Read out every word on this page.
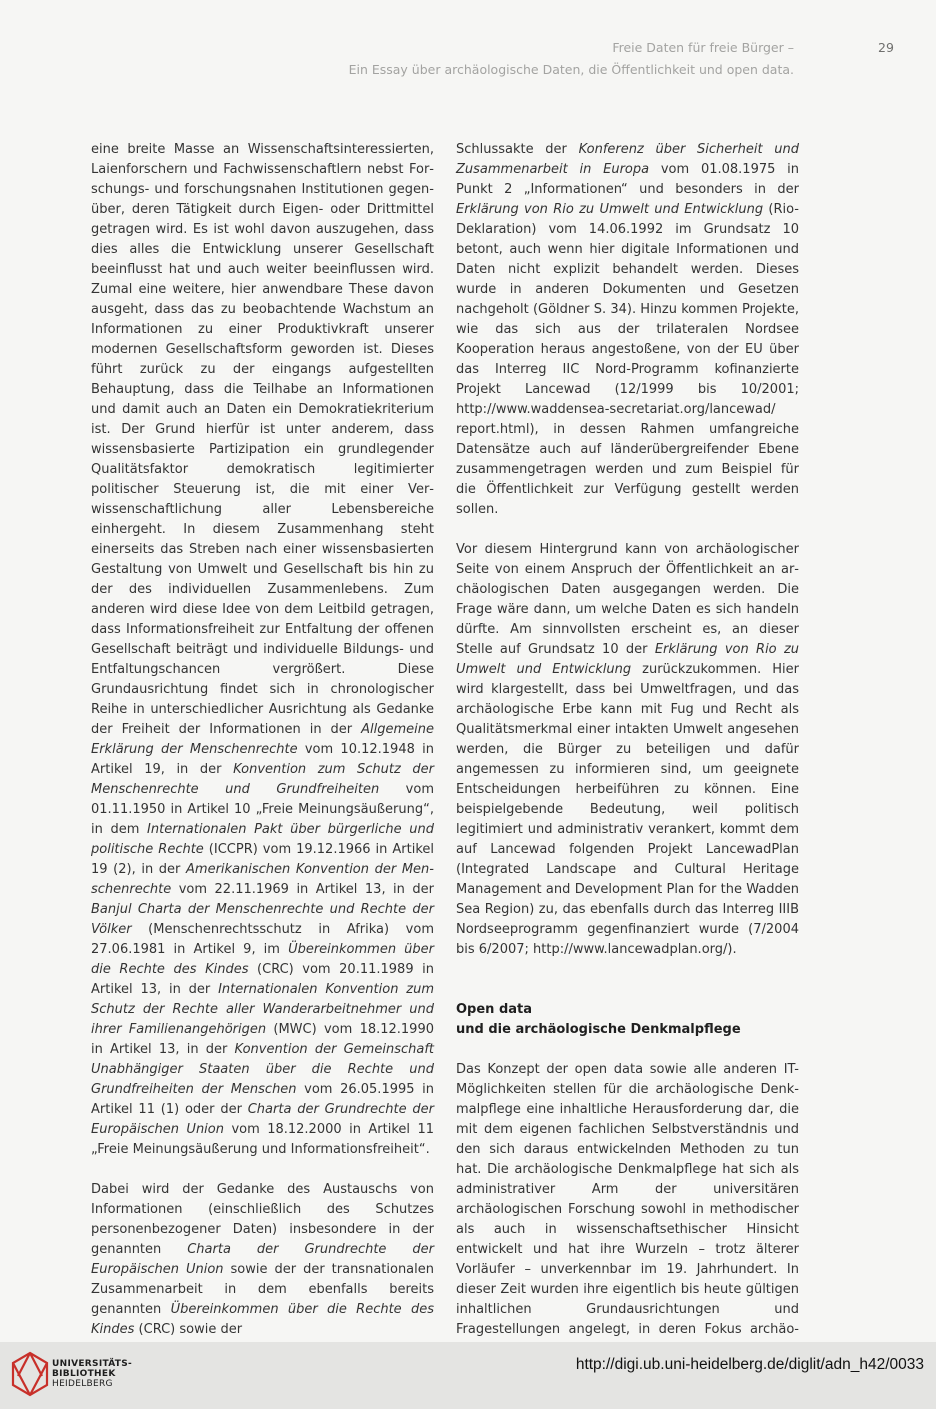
Freie Daten für freie Bürger –
Ein Essay über archäologische Daten, die Öffentlichkeit und open data.
29

eine breite Masse an Wissenschaftsinteressierten, Laienforschern und Fachwissenschaftlern nebst Forschungs- und forschungsnahen Institutionen gegenüber, deren Tätigkeit durch Eigen- oder Drittmittel getragen wird. Es ist wohl davon auszugehen, dass dies alles die Entwicklung unserer Gesellschaft beeinflusst hat und auch weiter beeinflussen wird. Zumal eine weitere, hier anwendbare These davon ausgeht, dass das zu beobachtende Wachstum an Informationen zu einer Produktivkraft unserer modernen Gesellschaftsform geworden ist. Dieses führt zurück zu der eingangs aufgestellten Behauptung, dass die Teilhabe an Informationen und damit auch an Daten ein Demokratiekriterium ist. Der Grund hierfür ist unter anderem, dass wissensbasierte Partizipation ein grundlegender Qualitätsfaktor demokratisch legitimierter politischer Steuerung ist, die mit einer Verwissenschaftlichung aller Lebensbereiche einhergeht. In diesem Zusammenhang steht einerseits das Streben nach einer wissensbasierten Gestaltung von Umwelt und Gesellschaft bis hin zu der des individuellen Zusammenlebens. Zum anderen wird diese Idee von dem Leitbild getragen, dass Informationsfreiheit zur Entfaltung der offenen Gesellschaft beiträgt und individuelle Bildungs- und Entfaltungschancen vergrößert. Diese Grundausrichtung findet sich in chronologischer Reihe in unterschiedlicher Ausrichtung als Gedanke der Freiheit der Informationen in der Allgemeine Erklärung der Menschenrechte vom 10.12.1948 in Artikel 19, in der Konvention zum Schutz der Menschenrechte und Grundfreiheiten vom 01.11.1950 in Artikel 10 „Freie Meinungsäußerung“, in dem Internationalen Pakt über bürgerliche und politische Rechte (ICCPR) vom 19.12.1966 in Artikel 19 (2), in der Amerikanischen Konvention der Menschenrechte vom 22.11.1969 in Artikel 13, in der Banjul Charta der Menschenrechte und Rechte der Völker (Menschenrechtsschutz in Afrika) vom 27.06.1981 in Artikel 9, im Übereinkommen über die Rechte des Kindes (CRC) vom 20.11.1989 in Artikel 13, in der Internationalen Konvention zum Schutz der Rechte aller Wanderarbeitnehmer und ihrer Familienangehörigen (MWC) vom 18.12.1990 in Artikel 13, in der Konvention der Gemeinschaft Unabhängiger Staaten über die Rechte und Grundfreiheiten der Menschen vom 26.05.1995 in Artikel 11 (1) oder der Charta der Grundrechte der Europäischen Union vom 18.12.2000 in Artikel 11 „Freie Meinungsäußerung und Informationsfreiheit“.

Dabei wird der Gedanke des Austauschs von Informationen (einschließlich des Schutzes personenbezogener Daten) insbesondere in der genannten Charta der Grundrechte der Europäischen Union sowie der der transnationalen Zusammenarbeit in dem ebenfalls bereits genannten Übereinkommen über die Rechte des Kindes (CRC) sowie der

Schlussakte der Konferenz über Sicherheit und Zusammenarbeit in Europa vom 01.08.1975 in Punkt 2 „Informationen“ und besonders in der Erklärung von Rio zu Umwelt und Entwicklung (Rio-Deklaration) vom 14.06.1992 im Grundsatz 10 betont, auch wenn hier digitale Informationen und Daten nicht explizit behandelt werden. Dieses wurde in anderen Dokumenten und Gesetzen nachgeholt (Göldner S. 34). Hinzu kommen Projekte, wie das sich aus der trilateralen Nordsee Kooperation heraus angestoßene, von der EU über das Interreg IIC Nord-Programm kofinanzierte Projekt Lancewad (12/1999 bis 10/2001; http://www.waddensea-secretariat.org/lancewad/ report.html), in dessen Rahmen umfangreiche Datensätze auch auf länderübergreifender Ebene zusammengetragen werden und zum Beispiel für die Öffentlichkeit zur Verfügung gestellt werden sollen.

Vor diesem Hintergrund kann von archäologischer Seite von einem Anspruch der Öffentlichkeit an archäologischen Daten ausgegangen werden. Die Frage wäre dann, um welche Daten es sich handeln dürfte. Am sinnvollsten erscheint es, an dieser Stelle auf Grundsatz 10 der Erklärung von Rio zu Umwelt und Entwicklung zurückzukommen. Hier wird klargestellt, dass bei Umweltfragen, und das archäologische Erbe kann mit Fug und Recht als Qualitätsmerkmal einer intakten Umwelt angesehen werden, die Bürger zu beteiligen und dafür angemessen zu informieren sind, um geeignete Entscheidungen herbeiführen zu können. Eine beispielgebende Bedeutung, weil politisch legitimiert und administrativ verankert, kommt dem auf Lancewad folgenden Projekt LancewadPlan (Integrated Landscape and Cultural Heritage Management and Development Plan for the Wadden Sea Region) zu, das ebenfalls durch das Interreg IIIB Nordseeprogramm gegenfinanziert wurde (7/2004 bis 6/2007; http://www.lancewadplan.org/).

Open data
und die archäologische Denkmalpflege

Das Konzept der open data sowie alle anderen IT-Möglichkeiten stellen für die archäologische Denkmalpflege eine inhaltliche Herausforderung dar, die mit dem eigenen fachlichen Selbstverständnis und den sich daraus entwickelnden Methoden zu tun hat. Die archäologische Denkmalpflege hat sich als administrativer Arm der universitären archäologischen Forschung sowohl in methodischer als auch in wissenschaftsethischer Hinsicht entwickelt und hat ihre Wurzeln – trotz älterer Vorläufer – unverkennbar im 19. Jahrhundert. In dieser Zeit wurden ihre eigentlich bis heute gültigen inhaltlichen Grundausrichtungen und Fragestellungen angelegt, in deren Fokus archäo

UNIVERSITÄTS-
BIBLIOTHEK
HEIDELBERG
http://digi.ub.uni-heidelberg.de/diglit/adn_h42/0033
